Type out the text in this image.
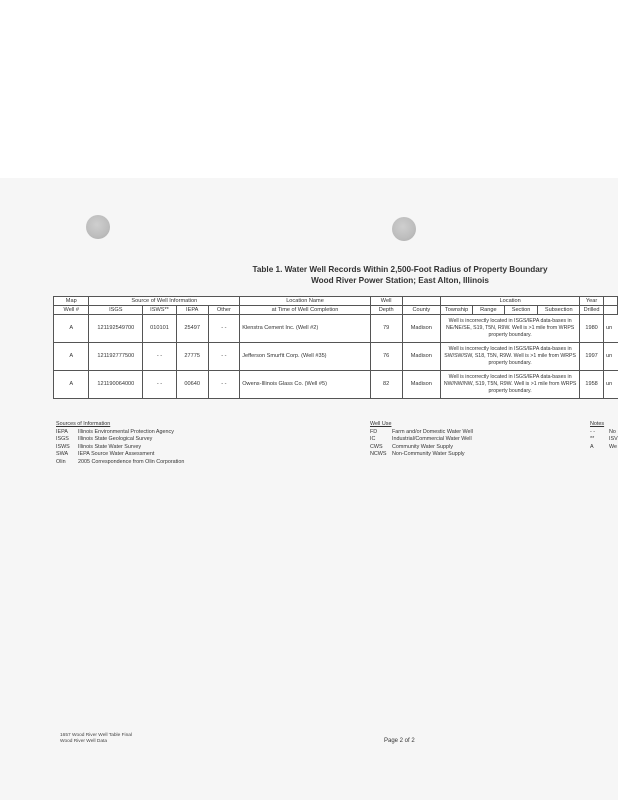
Table 1. Water Well Records Within 2,500-Foot Radius of Property Boundary
Wood River Power Station; East Alton, Illinois
Map	Source of Well Information				Location Name	Well		Location				Year	
Well #	ISGS	ISWS**	IEPA	Other	at Time of Well Completion	Depth	County	Township	Range	Section	Subsection	Drilled	
A	121192549700	010101	25497	- -	Klenstra Cement Inc. (Well #2)	79	Madison	Well is incorrectly located in ISGS/IEPA data-bases in NE/NE/SE, S19, T5N, R9W. Well is >1 mile from WRPS property boundary.				1980	un
A	121192777500	- -	27775	- -	Jefferson Smurfit Corp. (Well #35)	76	Madison	Well is incorrectly located in ISGS/IEPA data-bases in SW/SW/SW, S18, T5N, R9W. Well is >1 mile from WRPS property boundary.				1997	un
A	121190064000	- -	00640	- -	Owens-Illinois Glass Co. (Well #5)	82	Madison	Well is incorrectly located in ISGS/IEPA data-bases in NW/NW/NW, S19, T5N, R9W. Well is >1 mile from WRPS property boundary.				1958	un
Sources of Information
IEPA Illinois Environmental Protection Agency
ISGS Illinois State Geological Survey
ISWS Illinois State Water Survey
SWA IEPA Source Water Assessment
Olin 2005 Correspondence from Olin Corporation
Well Use
FD	Farm and/or Domestic Water Well
IC	Industrial/Commercial Water Well
CWS Community Water Supply
NCWS Non-Community Water Supply
Notes
- -	No
**	ISV
A	We
1657 Wood River Well Table Final
Wood River Well Data	Page 2 of 2
